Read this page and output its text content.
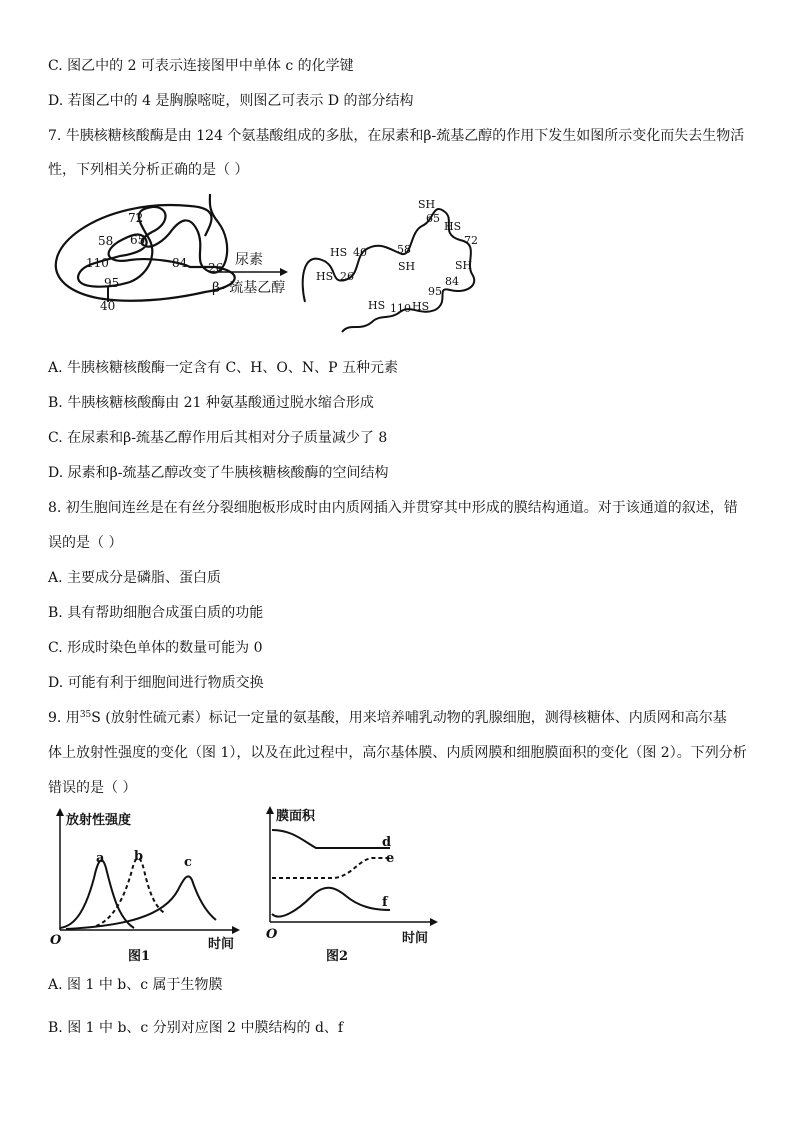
C. 图乙中的 2 可表示连接图甲中单体 c 的化学键
D. 若图乙中的 4 是胸腺嘧啶，则图乙可表示 D 的部分结构
7. 牛胰核糖核酸酶是由 124 个氨基酸组成的多肽，在尿素和β-巯基乙醇的作用下发生如图所示变化而失去生物活
性，下列相关分析正确的是（ ）
72
65
58
110	84 26
95
40
尿素
β- 巯基乙醇
SH
65
HS
72
HS 40	58
SH
HS 26
SH
84
95
HS
110
HS
A. 牛胰核糖核酸酶一定含有 C、H、O、N、P 五种元素
B. 牛胰核糖核酸酶由 21 种氨基酸通过脱水缩合形成
C. 在尿素和β-巯基乙醇作用后其相对分子质量减少了 8
D. 尿素和β-巯基乙醇改变了牛胰核糖核酸酶的空间结构
8. 初生胞间连丝是在有丝分裂细胞板形成时由内质网插入并贯穿其中形成的膜结构通道。对于该通道的叙述，错
误的是（ ）
A. 主要成分是磷脂、蛋白质
B. 具有帮助细胞合成蛋白质的功能
C. 形成时染色单体的数量可能为 0
D. 可能有利于细胞间进行物质交换
9. 用$^{35}$S (放射性硫元素）标记一定量的氨基酸，用来培养哺乳动物的乳腺细胞，测得核糖体、内质网和高尔基
体上放射性强度的变化（图 1），以及在此过程中，高尔基体膜、内质网膜和细胞膜面积的变化（图 2）。下列分析
错误的是（ ）
放射性强度
O	时间
图1
a b	c
膜面积
O	时间
图2
d
e
f
A. 图 1 中 b、c 属于生物膜
B. 图 1 中 b、c 分别对应图 2 中膜结构的 d、f
